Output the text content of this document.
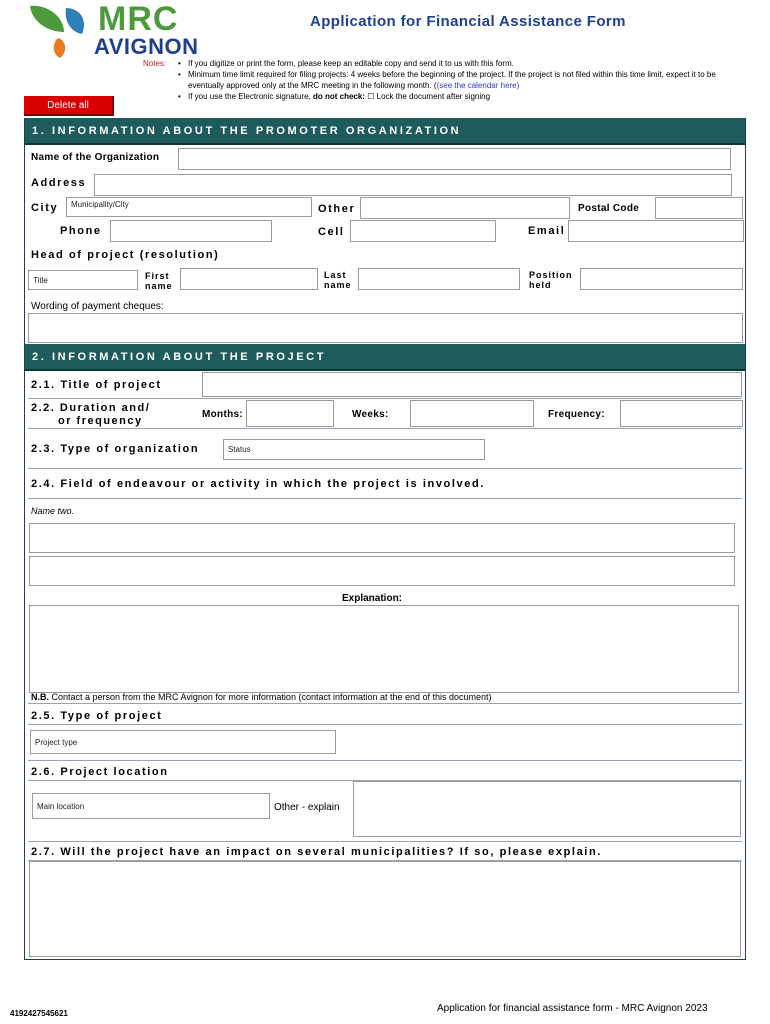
MRC
AVIGNON
Application for Financial Assistance Form
Notes:
•	If you digitize or print the form, please keep an editable copy and send it to us with this form.
• Minimum time limit required for filing projects: 4 weeks before the beginning of the project. If the project is not filed within this time limit, expect it to be eventually approved only at the MRC meeting in the following month. ((see the calendar here)
• If you use the Electronic signature, do not check: ☐ Lock the document after signing
Delete all
1. INFORMATION ABOUT THE PROMOTER ORGANIZATION
Name of the Organization
Address
City	Municipality/City	Other	Postal Code
Phone	Cell	Email
Head of project (resolution)
Title	First
name
Last
name
Position
held
Wording of payment cheques:
2. INFORMATION ABOUT THE PROJECT
2.1. Title of project
2.2. Duration and/
or frequency
Months:	Weeks:	Frequency:
2.3. Type of organization	Status
2.4. Field of endeavour or activity in which the project is involved.
Name two.
Explanation:
N.B. Contact a person from the MRC Avignon for more information (contact information at the end of this document)
2.5. Type of project
Project type
2.6. Project location
Main location	Other - explain
2.7. Will the project have an impact on several municipalities? If so, please explain.
4192427545621	Application for financial assistance form - MRC Avignon 2023
